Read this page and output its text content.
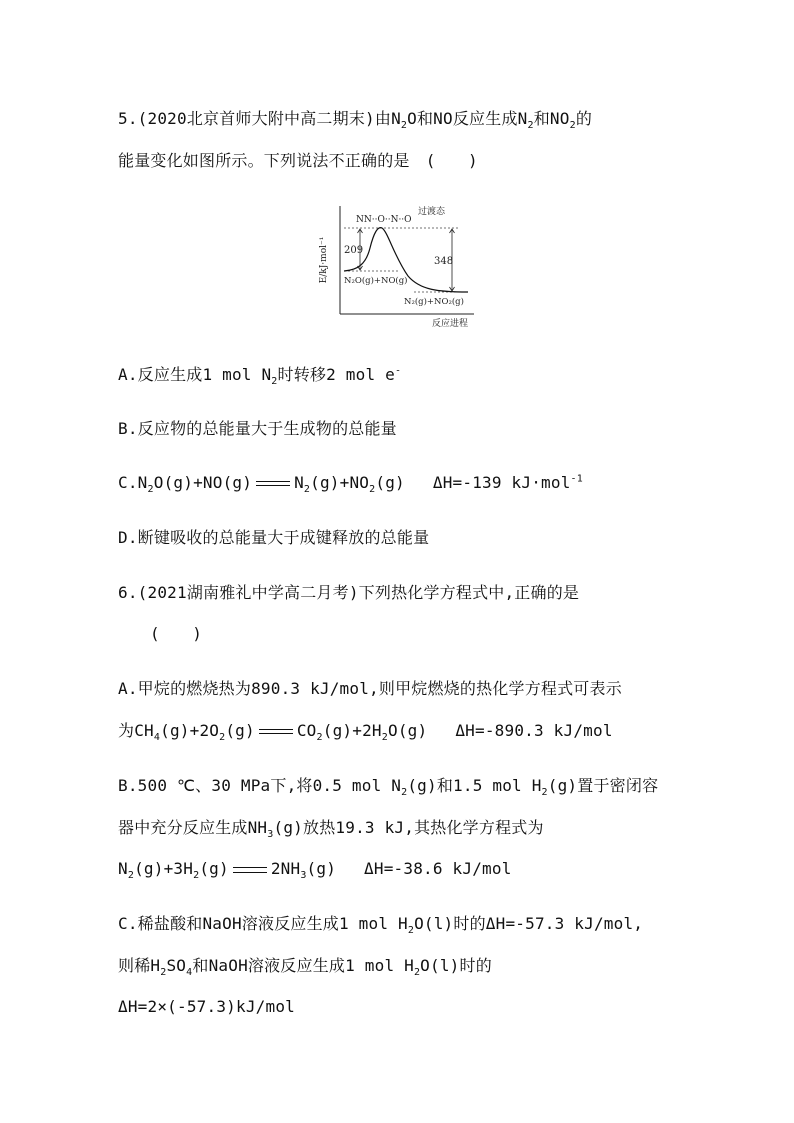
5.(2020北京首师大附中高二期末)由$N_2O$和NO反应生成$N_2$和$NO_2$的
能量变化如图所示。下列说法不正确的是　(　　)
E/kJ·mol⁻¹
反应进程
209
348
NN··O··N··O
过渡态
N₂O(g)+NO(g)
N₂(g)+NO₂(g)
A.反应生成1 mol $N_2$时转移2 mol e-
B.反应物的总能量大于生成物的总能量
$C.N_2O(g)+NO(g)$	$N_2(g)+NO_2(g)$ ΔH=-139 kJ·mol$^{-1}$
D.断键吸收的总能量大于成键释放的总能量
6.(2021湖南雅礼中学高二月考)下列热化学方程式中,正确的是
(　　)
A.甲烷的燃烧热为890.3 kJ/mol,则甲烷燃烧的热化学方程式可表示
为$CH_4(g)+2O_2(g)$	$CO_2(g)+2H_2O(g)$ ΔH=-890.3 kJ/mol
B.500 ℃、30 MPa下,将0.5 mol $N_2(g)$和1.5 mol $H_2(g)$置于密闭容
器中充分反应生成$NH_3(g)$放热19.3 kJ,其热化学方程式为
$N_2(g)+3H_2(g)$	$2NH_3(g)$ ΔH=-38.6 kJ/mol
C.稀盐酸和NaOH溶液反应生成1 mol $H_2O(l)$时的ΔH=-57.3 kJ/mol,
则稀$H_2SO_4$和NaOH溶液反应生成1 mol $H_2O(l)$时的
ΔH=2×(-57.3)kJ/mol
